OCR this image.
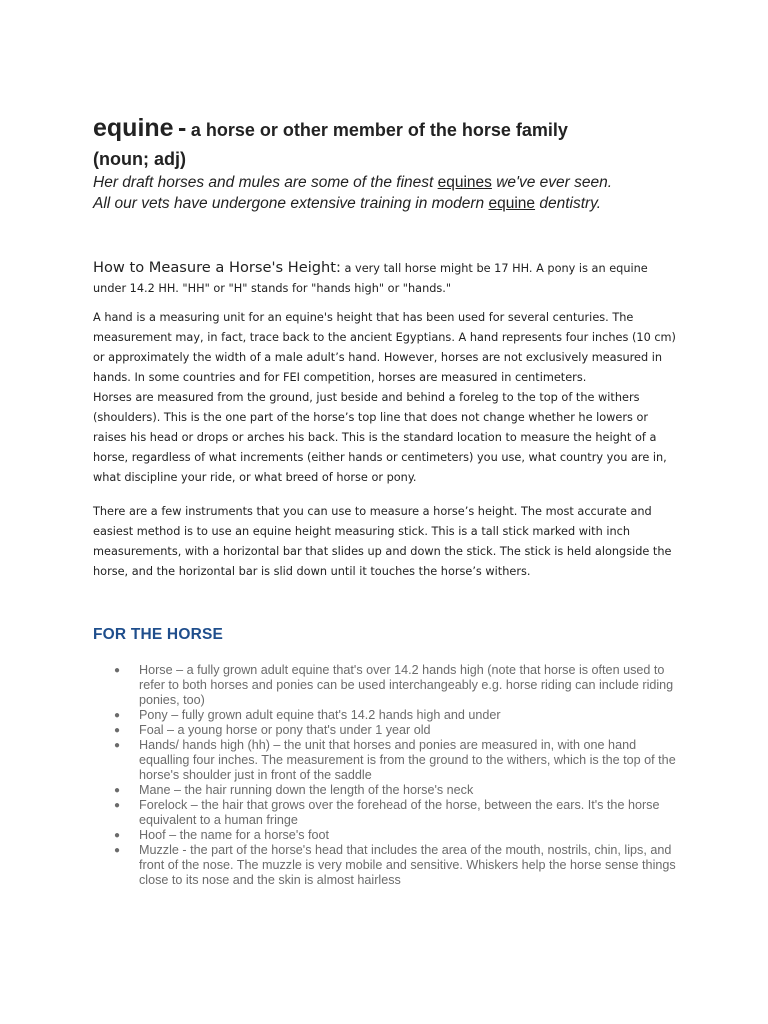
equine - a horse or other member of the horse family

(noun; adj)

Her draft horses and mules are some of the finest equines we've ever seen.

All our vets have undergone extensive training in modern equine dentistry.

How to Measure a Horse's Height: a very tall horse might be 17 HH. A pony is an equine under 14.2 HH. "HH" or "H" stands for "hands high" or "hands."

A hand is a measuring unit for an equine's height that has been used for several centuries. The measurement may, in fact, trace back to the ancient Egyptians. A hand represents four inches (10 cm) or approximately the width of a male adult’s hand. However, horses are not exclusively measured in hands. In some countries and for FEI competition, horses are measured in centimeters.

Horses are measured from the ground, just beside and behind a foreleg to the top of the withers (shoulders). This is the one part of the horse’s top line that does not change whether he lowers or raises his head or drops or arches his back. This is the standard location to measure the height of a horse, regardless of what increments (either hands or centimeters) you use, what country you are in, what discipline your ride, or what breed of horse or pony.

There are a few instruments that you can use to measure a horse’s height. The most accurate and easiest method is to use an equine height measuring stick. This is a tall stick marked with inch measurements, with a horizontal bar that slides up and down the stick. The stick is held alongside the horse, and the horizontal bar is slid down until it touches the horse’s withers.

FOR THE HORSE
● Horse – a fully grown adult equine that's over 14.2 hands high (note that horse is often used to refer to both horses and ponies can be used interchangeably e.g. horse riding can include riding ponies, too)
● Pony – fully grown adult equine that's 14.2 hands high and under
● Foal – a young horse or pony that's under 1 year old
● Hands/ hands high (hh) – the unit that horses and ponies are measured in, with one hand equalling four inches. The measurement is from the ground to the withers, which is the top of the horse's shoulder just in front of the saddle
● Mane – the hair running down the length of the horse's neck
● Forelock – the hair that grows over the forehead of the horse, between the ears. It's the horse equivalent to a human fringe
● Hoof – the name for a horse's foot
● Muzzle - the part of the horse's head that includes the area of the mouth, nostrils, chin, lips, and front of the nose. The muzzle is very mobile and sensitive. Whiskers help the horse sense things close to its nose and the skin is almost hairless
